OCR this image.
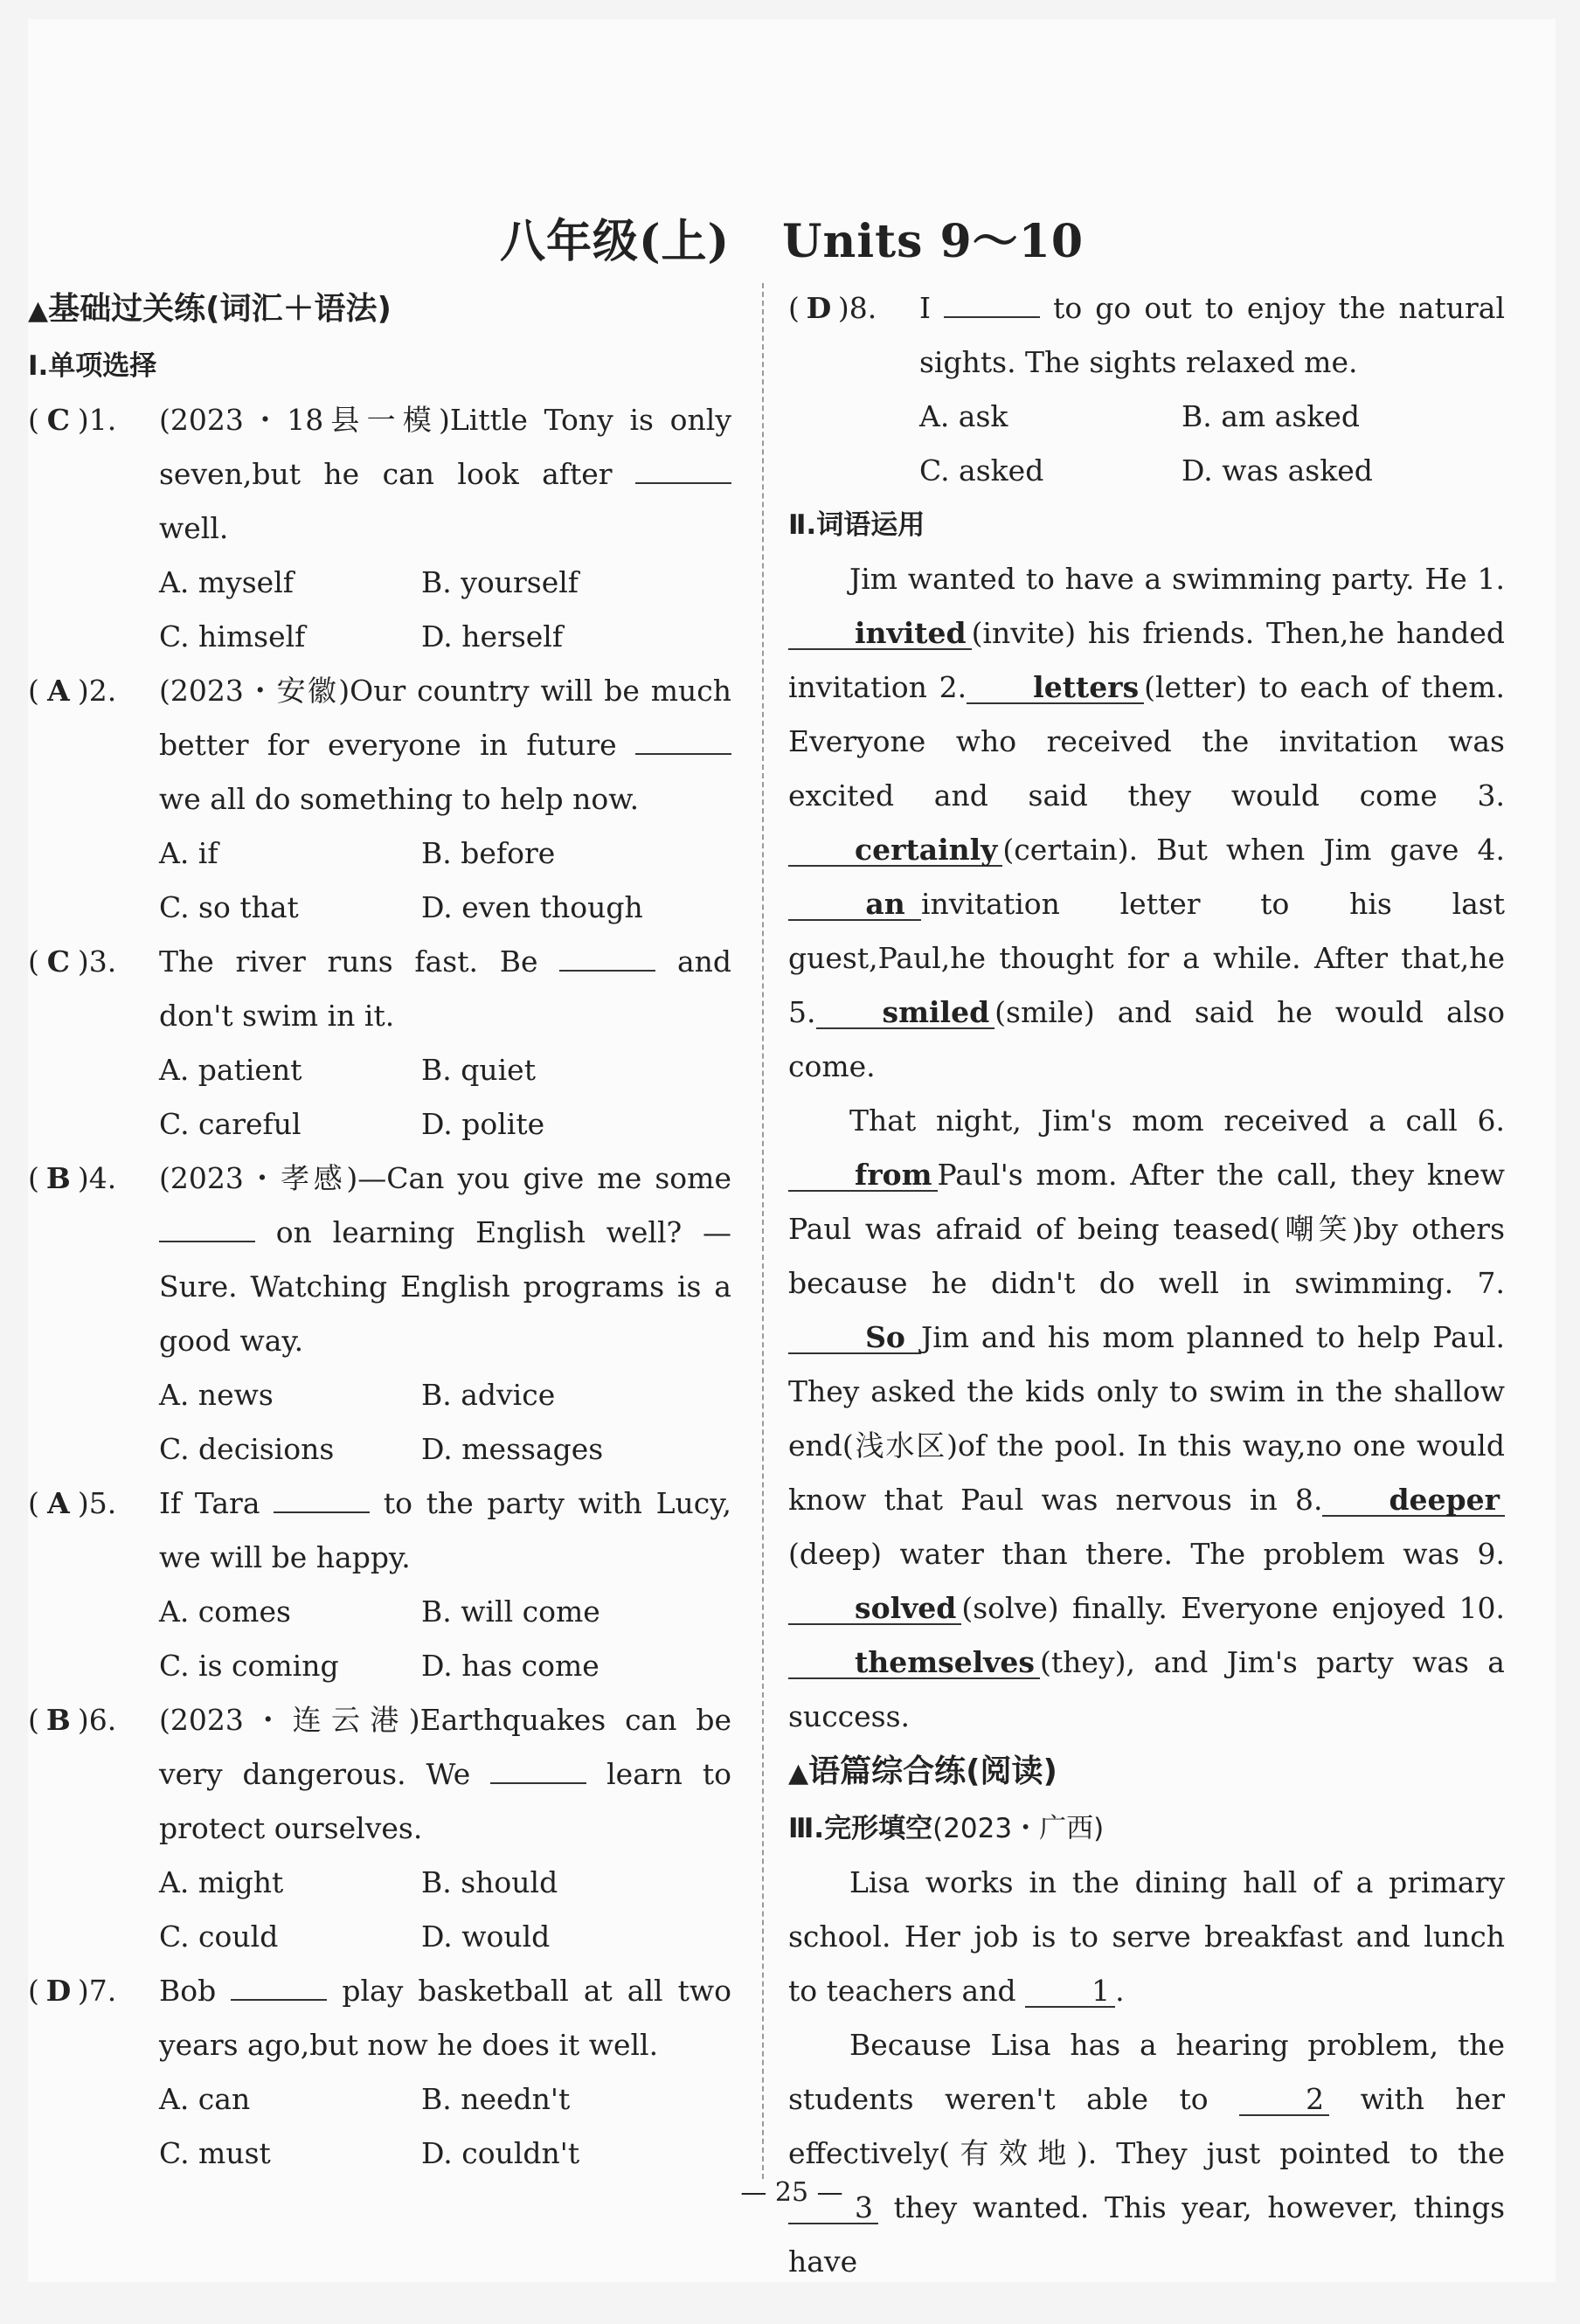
八年级(上) Units 9～10
▲基础过关练(词汇＋语法)
Ⅰ.单项选择
( C )1.	(2023・18县一模)Little Tony is only seven,but he can look after  well.
A. myself	B. yourself
C. himself	D. herself
( A )2.	(2023・安徽)Our country will be much better for everyone in future  we all do something to help now.
A. if	B. before
C. so that	D. even though
( C )3.	The river runs fast. Be	and don't swim in it.
A. patient	B. quiet
C. careful	D. polite
( B )4.	(2023・孝感)—Can you give me some  on learning English well? —Sure. Watching English programs is a good way.
A. news	B. advice
C. decisions	D. messages
( A )5.	If Tara	to the party with Lucy, we will be happy.
A. comes	B. will come
C. is coming	D. has come
( B )6.	(2023・连云港)Earthquakes can be very dangerous. We	learn to protect ourselves.
A. might	B. should
C. could	D. would
( D )7.	Bob	play basketball at all two years ago,but now he does it well.
A. can	B. needn't
C. must	D. couldn't
( D )8.	I	to go out to enjoy the natural sights. The sights relaxed me.
A. ask	B. am asked
C. asked	D. was asked
Ⅱ.词语运用

Jim wanted to have a swimming party. He 1.invited (invite) his friends. Then,he handed invitation 2. letters (letter) to each of them. Everyone who received the invitation was excited and said they would come 3.certainly (certain). But when Jim gave 4.an invitation letter to his last guest,Paul,he thought for a while. After that,he 5. smiled (smile) and said he would also come.

That night, Jim's mom received a call 6.from Paul's mom. After the call, they knew Paul was afraid of being teased(嘲笑)by others because he didn't do well in swimming. 7.So Jim and his mom planned to help Paul. They asked the kids only to swim in the shallow end(浅水区)of the pool. In this way,no one would know that Paul was nervous in 8. deeper(deep) water than there. The problem was 9.solved (solve) finally. Everyone enjoyed 10.themselves (they), and Jim's party was a success.

▲语篇综合练(阅读)
Ⅲ.完形填空(2023・广西)

Lisa works in the dining hall of a primary school. Her job is to serve breakfast and lunch to teachers and	1 .

Because Lisa has a hearing problem, the students weren't able to	2 with her effectively(有效地). They just pointed to the 3 they wanted. This year, however, things have

— 25 —
